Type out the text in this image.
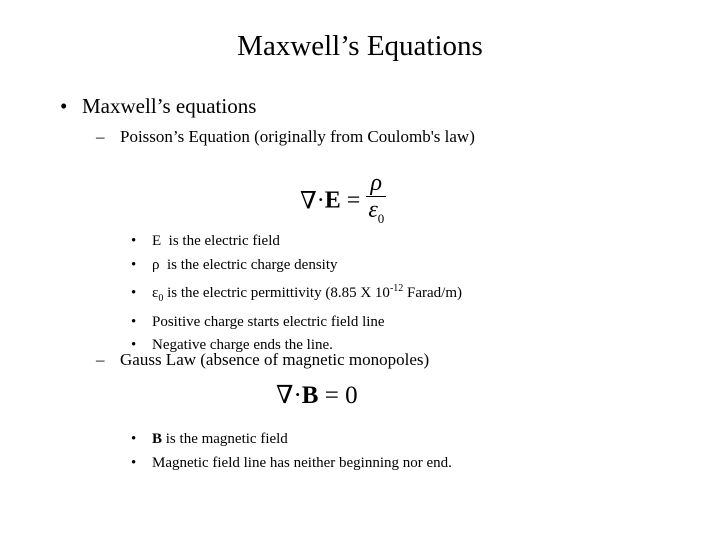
Maxwell’s Equations
• Maxwell’s equations
– Poisson’s Equation (originally from Coulomb's law)
$\nabla\cdot E = \frac{\rho}{\varepsilon_0}$
• E  is the electric field
• ρ  is the electric charge density
• $\varepsilon_0$ is the electric permittivity (8.85 X $10^{-12}$ Farad/m)
• Positive charge starts electric field line
• Negative charge ends the line.
– Gauss Law (absence of magnetic monopoles)
∇·B = 0
• B is the magnetic field
• Magnetic field line has neither beginning nor end.
